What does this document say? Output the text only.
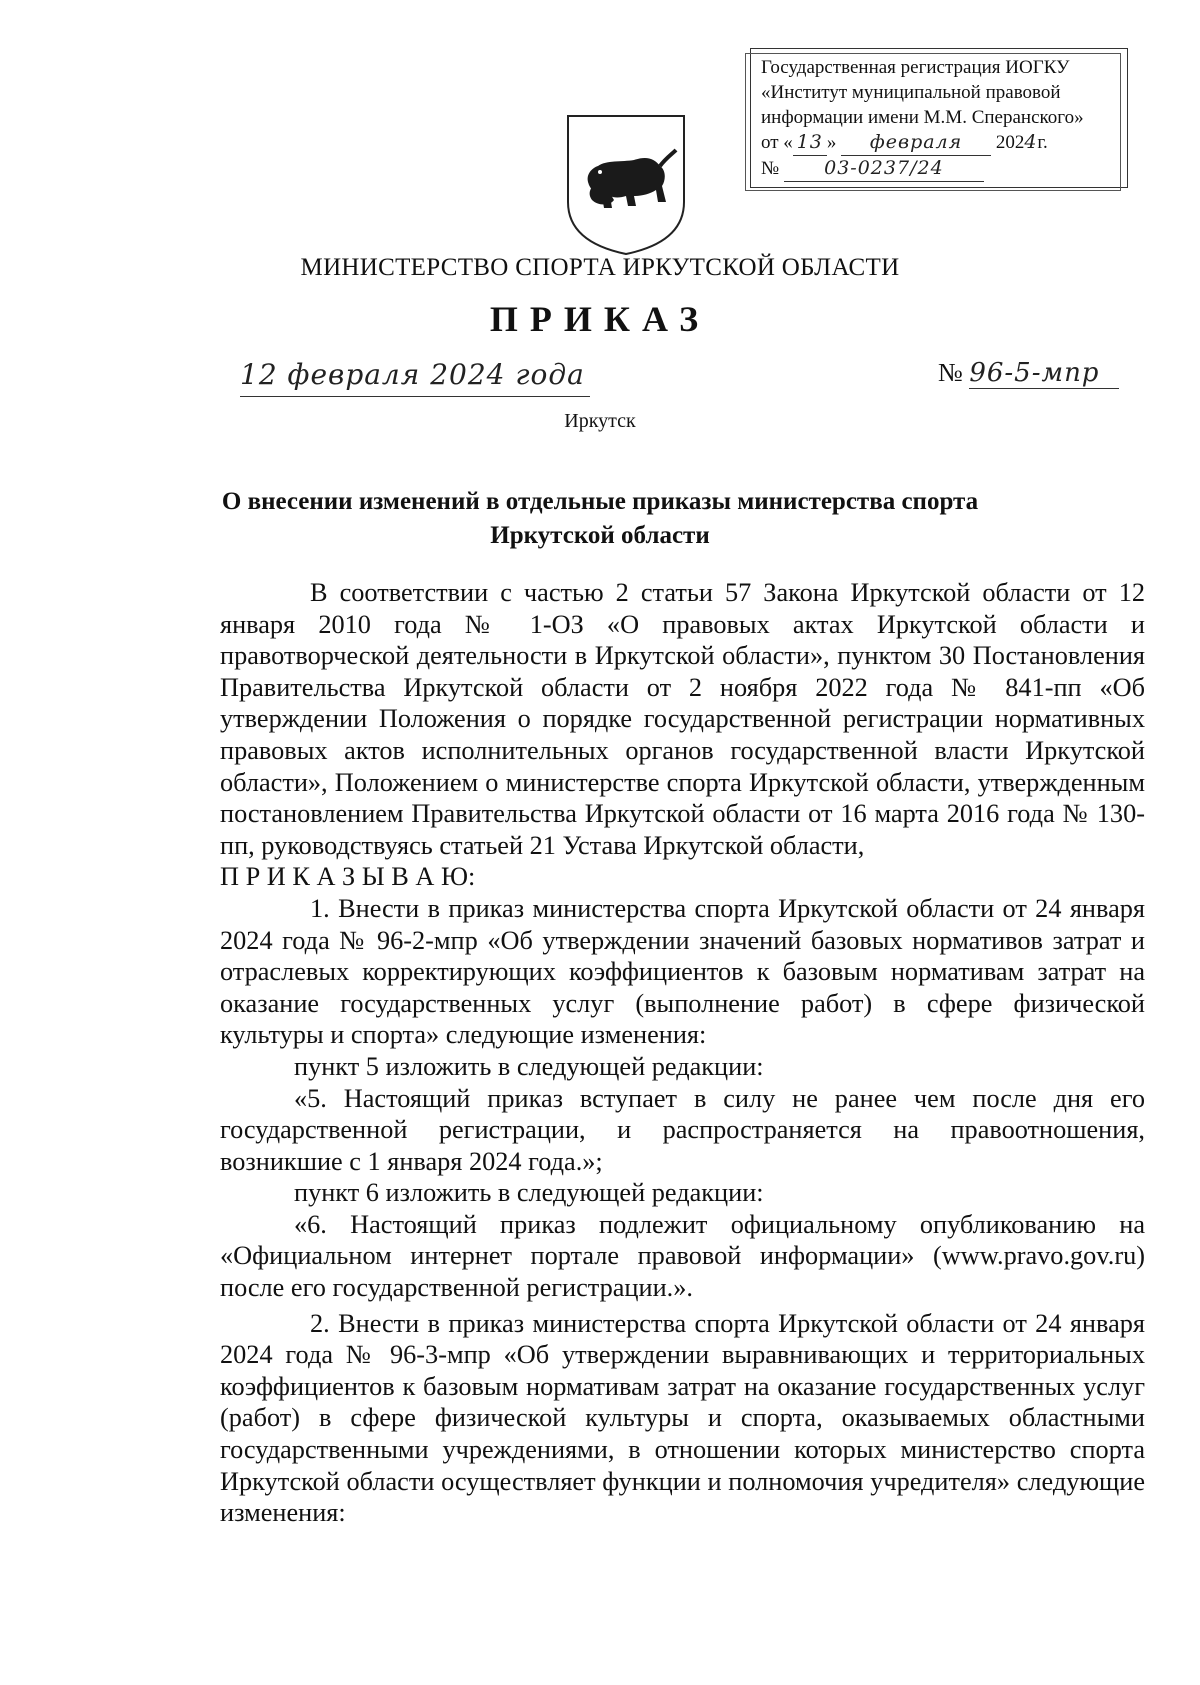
Государственная регистрация ИОГКУ
«Институт муниципальной правовой
информации имени М.М. Сперанского»
от « 13 » февраля 2024г.
№ 03-0237/24
МИНИСТЕРСТВО СПОРТА ИРКУТСКОЙ ОБЛАСТИ
ПРИКАЗ
12 февраля 2024 года	№ 96-5-мпр
Иркутск
О внесении изменений в отдельные приказы министерства спорта
Иркутской области

В соответствии с частью 2 статьи 57 Закона Иркутской области от 12 января 2010 года № 1-ОЗ «О правовых актах Иркутской области и правотворческой деятельности в Иркутской области», пунктом 30 Постановления Правительства Иркутской области от 2 ноября 2022 года № 841-пп «Об утверждении Положения о порядке государственной регистрации нормативных правовых актов исполнительных органов государственной власти Иркутской области», Положением о министерстве спорта Иркутской области, утвержденным постановлением Правительства Иркутской области от 16 марта 2016 года № 130-пп, руководствуясь статьей 21 Устава Иркутской области,

П Р И К А З Ы В А Ю:

1. Внести в приказ министерства спорта Иркутской области от 24 января 2024 года № 96-2-мпр «Об утверждении значений базовых нормативов затрат и отраслевых корректирующих коэффициентов к базовым нормативам затрат на оказание государственных услуг (выполнение работ) в сфере физической культуры и спорта» следующие изменения:

пункт 5 изложить в следующей редакции:

«5. Настоящий приказ вступает в силу не ранее чем после дня его государственной регистрации, и распространяется на правоотношения, возникшие с 1 января 2024 года.»;

пункт 6 изложить в следующей редакции:

«6. Настоящий приказ подлежит официальному опубликованию на «Официальном интернет портале правовой информации» (www.pravo.gov.ru) после его государственной регистрации.».

2. Внести в приказ министерства спорта Иркутской области от 24 января 2024 года № 96-3-мпр «Об утверждении выравнивающих и территориальных коэффициентов к базовым нормативам затрат на оказание государственных услуг (работ) в сфере физической культуры и спорта, оказываемых областными государственными учреждениями, в отношении которых министерство спорта Иркутской области осуществляет функции и полномочия учредителя» следующие изменения:
